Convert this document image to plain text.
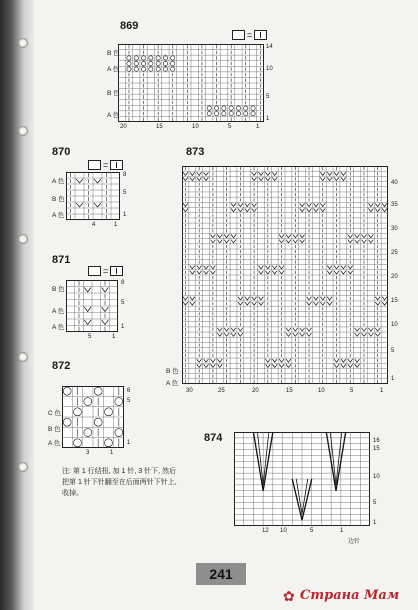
869
=
B 色
A 色
B 色
A 色
14
10
5
1
20	15	10	5	1
870
=
A 色
B 色
A 色
8
5
1
4	1
871
=
B 色
A 色
A 色
8
5
1
5	1
872
C 色
B 色
A 色
6
5
1
3	1
注: 第 1 行结扭, 加 1 针, 3 针下, 然后把第 1 针下针翻至在后面两针下针上, 收掉。
873
B 色
A 色
40
35
30
25
20
15
10
5
1
30	25	20	15	10	5	1
874	16
15
10
5
1
12 10	5	1
边针
241
✿ Страна Мам
